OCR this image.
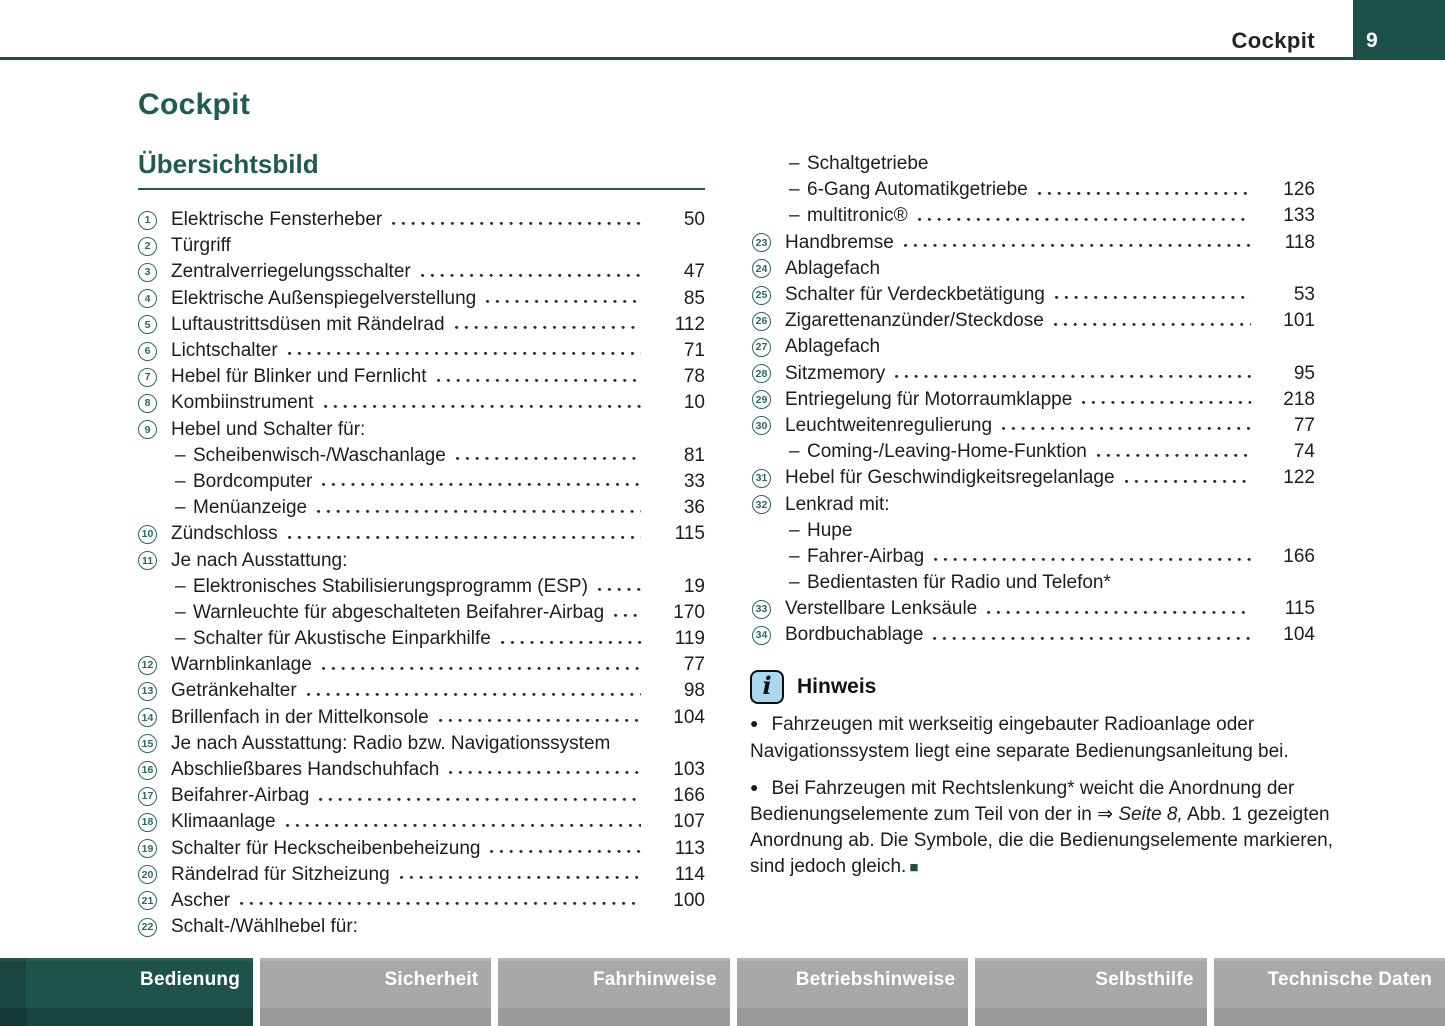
Cockpit 9
Cockpit
Übersichtsbild
1	Elektrische Fensterheber	50
2	Türgriff
3	Zentralverriegelungsschalter	47
4	Elektrische Außenspiegelverstellung	85
5	Luftaustrittsdüsen mit Rändelrad	112
6	Lichtschalter	71
7	Hebel für Blinker und Fernlicht	78
8	Kombiinstrument	10
9	Hebel und Schalter für:
– Scheibenwisch-/Waschanlage	81
– Bordcomputer	33
– Menüanzeige	36
10 Zündschloss	115
11 Je nach Ausstattung:
– Elektronisches Stabilisierungsprogramm (ESP)	19
– Warnleuchte für abgeschalteten Beifahrer-Airbag	170
– Schalter für Akustische Einparkhilfe	119
12 Warnblinkanlage	77
13 Getränkehalter	98
14 Brillenfach in der Mittelkonsole	104
15 Je nach Ausstattung: Radio bzw. Navigationssystem
16 Abschließbares Handschuhfach	103
17 Beifahrer-Airbag	166
18 Klimaanlage	107
19 Schalter für Heckscheibenbeheizung	113
20 Rändelrad für Sitzheizung	114
21 Ascher	100
22 Schalt-/Wählhebel für:
– Schaltgetriebe
– 6-Gang Automatikgetriebe	126
– multitronic®	133
23 Handbremse	118
24 Ablagefach
25 Schalter für Verdeckbetätigung	53
26 Zigarettenanzünder/Steckdose	101
27 Ablagefach
28 Sitzmemory	95
29 Entriegelung für Motorraumklappe	218
30 Leuchtweitenregulierung	77
– Coming-/Leaving-Home-Funktion	74
31 Hebel für Geschwindigkeitsregelanlage	122
32 Lenkrad mit:
– Hupe
– Fahrer-Airbag	166
– Bedientasten für Radio und Telefon*
33 Verstellbare Lenksäule	115
34 Bordbuchablage	104
i Hinweis

● Fahrzeugen mit werkseitig eingebauter Radioanlage oder Navigationssystem liegt eine separate Bedienungsanleitung bei.

● Bei Fahrzeugen mit Rechtslenkung* weicht die Anordnung der Bedienungselemente zum Teil von der in ⇒ Seite 8, Abb. 1 gezeigten Anordnung ab. Die Symbole, die die Bedienungselemente markieren, sind jedoch gleich. ■

Bedienung	Sicherheit	Fahrhinweise	Betriebshinweise	Selbsthilfe	Technische Daten
